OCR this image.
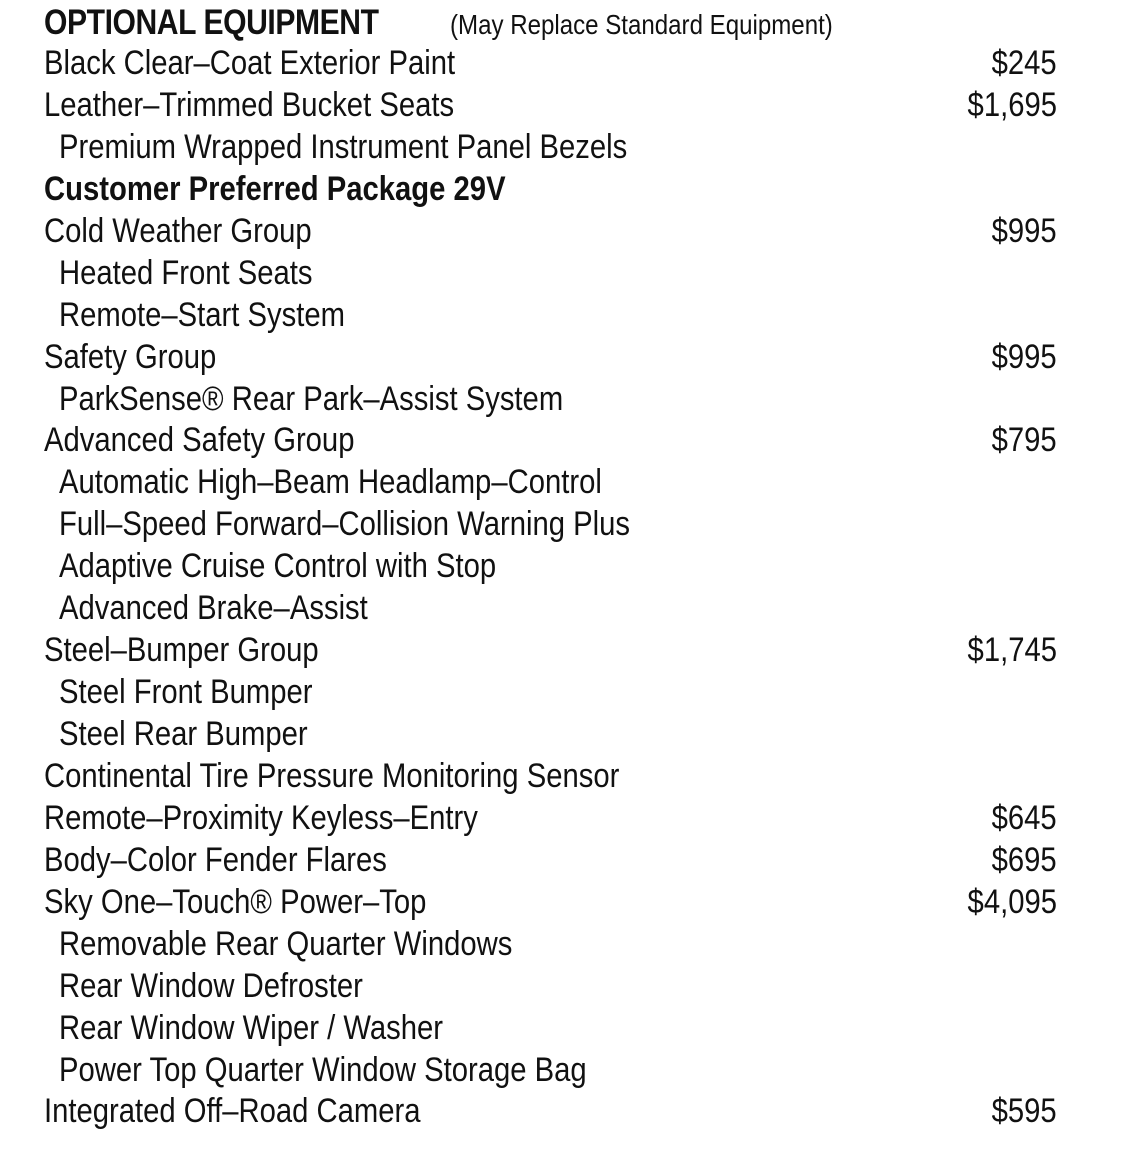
OPTIONAL EQUIPMENT	(May Replace Standard Equipment)
Black Clear–Coat Exterior Paint	$245
Leather–Trimmed Bucket Seats	$1,695
Premium Wrapped Instrument Panel Bezels
Customer Preferred Package 29V
Cold Weather Group	$995
Heated Front Seats
Remote–Start System
Safety Group	$995
ParkSense® Rear Park–Assist System
Advanced Safety Group	$795
Automatic High–Beam Headlamp–Control
Full–Speed Forward–Collision Warning Plus
Adaptive Cruise Control with Stop
Advanced Brake–Assist
Steel–Bumper Group	$1,745
Steel Front Bumper
Steel Rear Bumper
Continental Tire Pressure Monitoring Sensor
Remote–Proximity Keyless–Entry	$645
Body–Color Fender Flares	$695
Sky One–Touch® Power–Top	$4,095
Removable Rear Quarter Windows
Rear Window Defroster
Rear Window Wiper / Washer
Power Top Quarter Window Storage Bag
Integrated Off–Road Camera	$595
